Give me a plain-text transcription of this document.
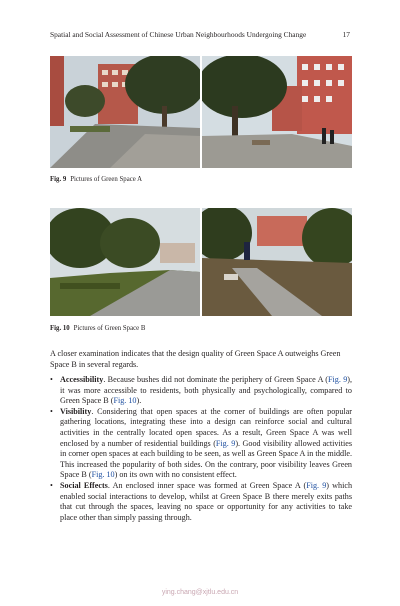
Spatial and Social Assessment of Chinese Urban Neighbourhoods Undergoing Change	17
Fig. 9 Pictures of Green Space A
Fig. 10 Pictures of Green Space B
A closer examination indicates that the design quality of Green Space A outweighs Green Space B in several regards.
• Accessibility. Because bushes did not dominate the periphery of Green Space A (Fig. 9), it was more accessible to residents, both physically and psychologically, compared to Green Space B (Fig. 10).
• Visibility. Considering that open spaces at the corner of buildings are often popular gathering locations, integrating these into a design can reinforce social and cultural activities in the centrally located open spaces. As a result, Green Space A was well enclosed by a number of residential buildings (Fig. 9). Good visibility allowed activities in corner open spaces at each building to be seen, as well as Green Space A in the middle. This increased the popularity of both sides. On the contrary, poor visibility leaves Green Space B (Fig. 10) on its own with no consistent effect.
• Social Effects. An enclosed inner space was formed at Green Space A (Fig. 9) which enabled social interactions to develop, whilst at Green Space B there merely exits paths that cut through the spaces, leaving no space or opportunity for any activities to take place other than simply passing through.
ying.chang@xjtlu.edu.cn
